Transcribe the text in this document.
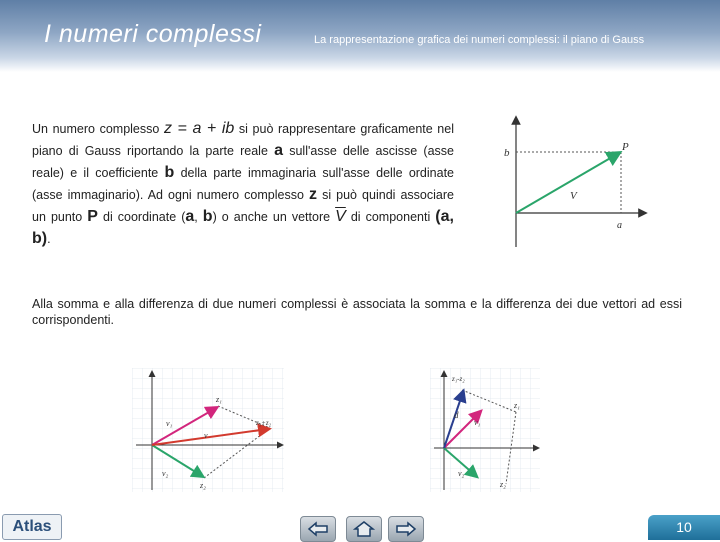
I numeri complessi	La rappresentazione grafica dei numeri complessi: il piano di Gauss
Un numero complesso z = a + ib si può rappresentare graficamente nel piano di Gauss riportando la parte reale a sull'asse delle ascisse (asse reale) e il coefficiente b della parte immaginaria sull'asse delle ordinate (asse immaginario). Ad ogni numero complesso z si può quindi associare un punto P di coordinate (a, b) o anche un vettore $\overline{V}$ di componenti (a, b).
b	P
V
a
Alla somma e alla differenza di due numeri complessi è associata la somma e la differenza dei due vettori ad essi corrispondenti.
z₁
v₁
v
z₁+z₂
z₂
v₂
z₁-z₂
d
v₁
z₁
v₂
z₂
Atlas	10
